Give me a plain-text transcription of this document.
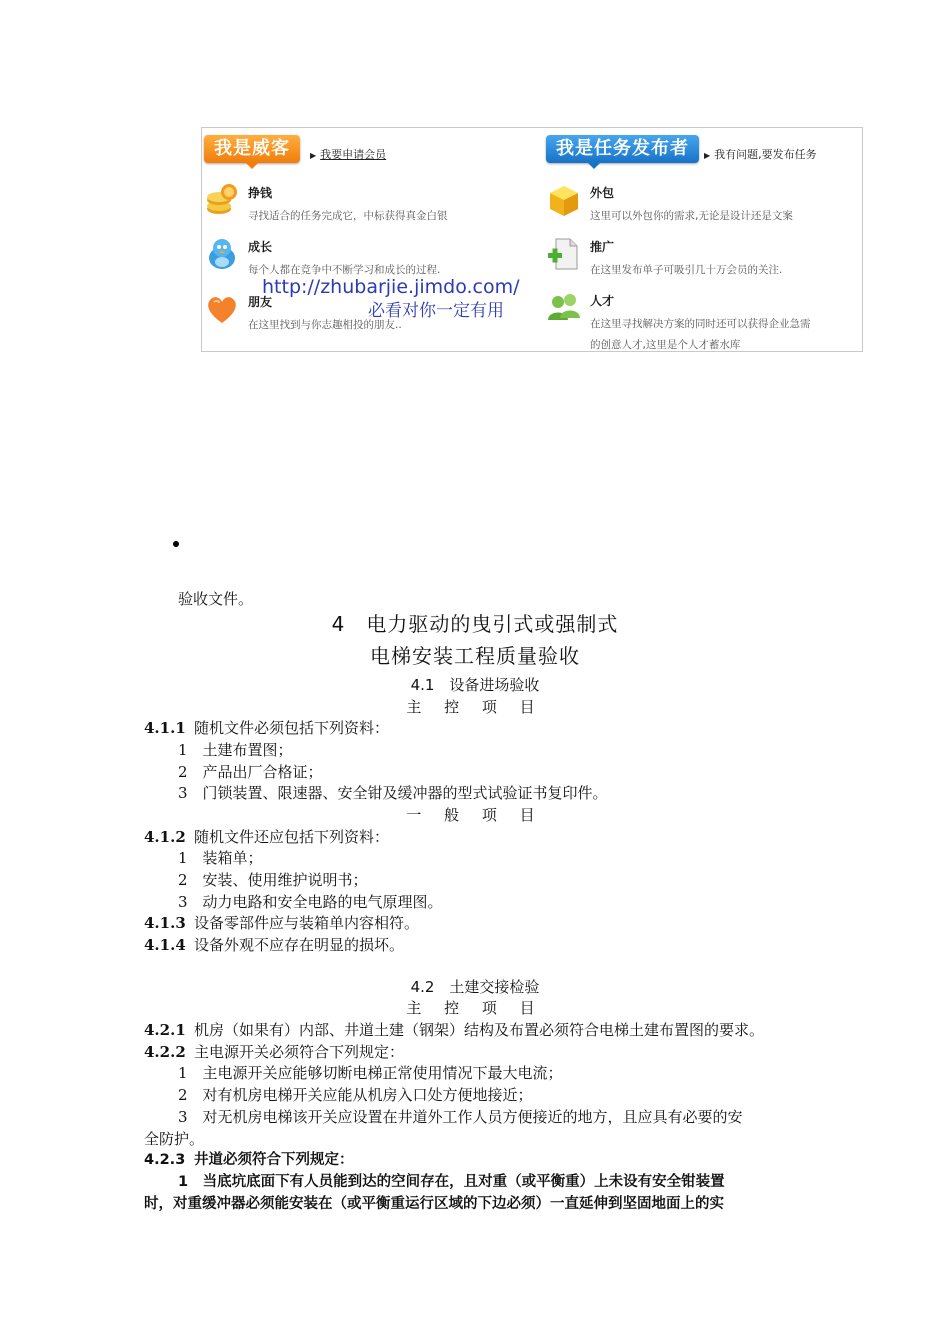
我是威客	▶ 我要申请会员
挣钱
寻找适合的任务完成它，中标获得真金白银
成长
每个人都在竞争中不断学习和成长的过程.
朋友
在这里找到与你志趣相投的朋友..
http://zhubarjie.jimdo.com/
必看对你一定有用
我是任务发布者	▶ 我有问题,要发布任务
外包
这里可以外包你的需求,无论是设计还是文案
推广
在这里发布单子可吸引几十万会员的关注.
人才
在这里寻找解决方案的同时还可以获得企业急需
的创意人才,这里是个人才蓄水库
验收文件。
4　电力驱动的曳引式或强制式
电梯安装工程质量验收
4.1　设备进场验收
主 控 项 目
4.1.1 随机文件必须包括下列资料：
1　土建布置图；
2　产品出厂合格证；
3　门锁装置、限速器、安全钳及缓冲器的型式试验证书复印件。
一 般 项 目
4.1.2 随机文件还应包括下列资料：
1　装箱单；
2　安装、使用维护说明书；
3　动力电路和安全电路的电气原理图。
4.1.3 设备零部件应与装箱单内容相符。
4.1.4 设备外观不应存在明显的损坏。
4.2　土建交接检验
主 控 项 目
4.2.1 机房（如果有）内部、井道土建（钢架）结构及布置必须符合电梯土建布置图的要求。
4.2.2 主电源开关必须符合下列规定：
1　主电源开关应能够切断电梯正常使用情况下最大电流；
2　对有机房电梯开关应能从机房入口处方便地接近；
3　对无机房电梯该开关应设置在井道外工作人员方便接近的地方，且应具有必要的安
全防护。
4.2.3 井道必须符合下列规定：
1　当底坑底面下有人员能到达的空间存在，且对重（或平衡重）上未设有安全钳装置
时，对重缓冲器必须能安装在（或平衡重运行区域的下边必须）一直延伸到坚固地面上的实
